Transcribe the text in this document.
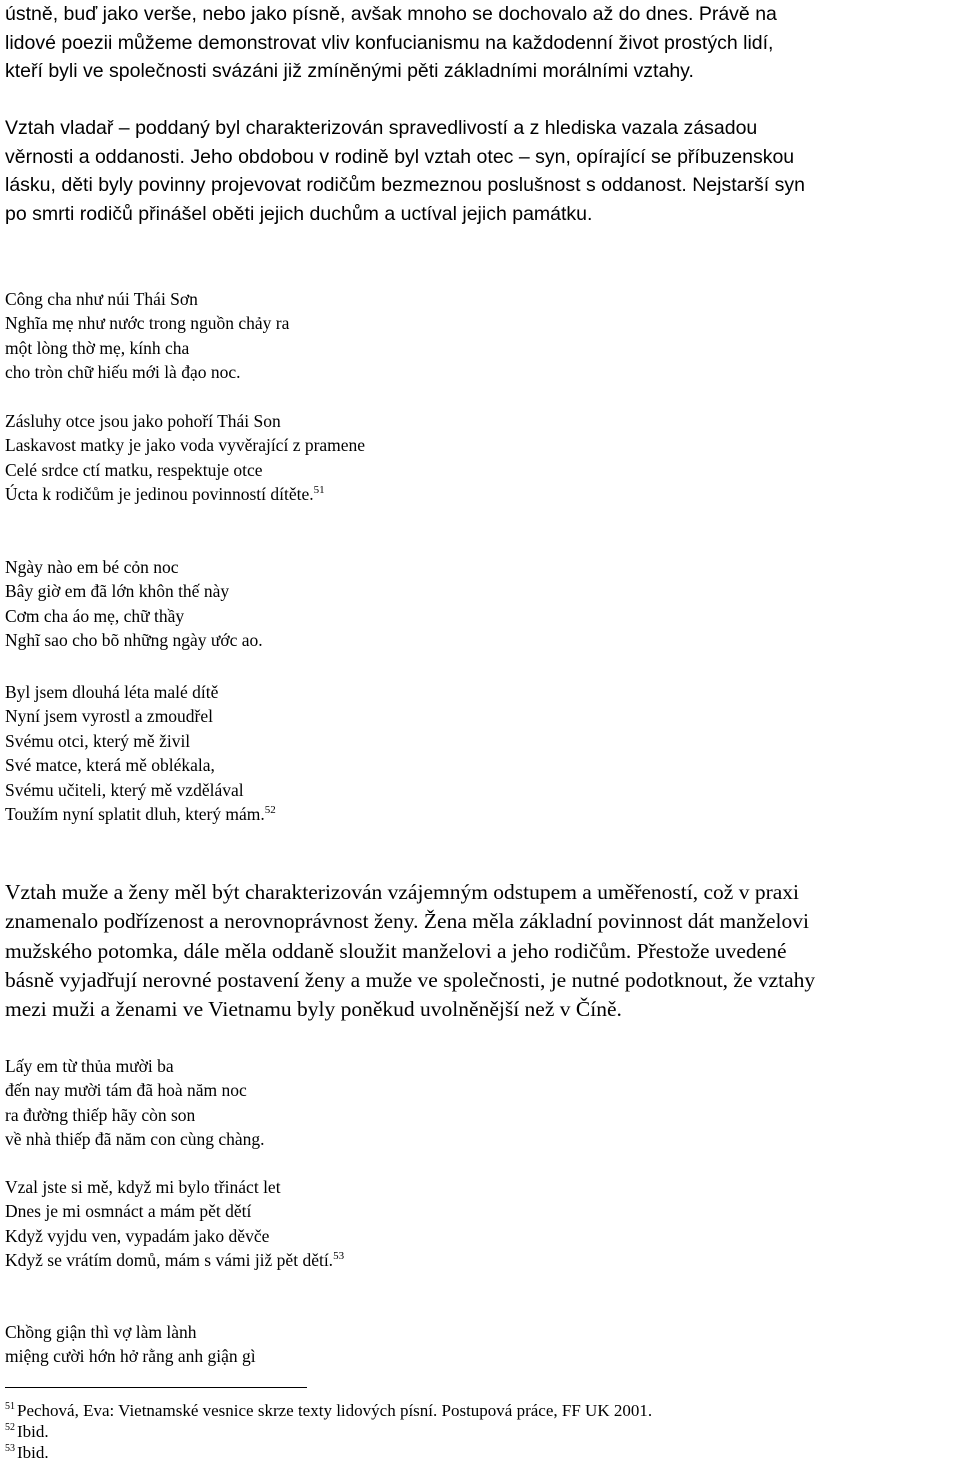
ústně, buď jako verše, nebo jako písně, avšak mnoho se dochovalo až do dnes. Právě na
lidové poezii můžeme demonstrovat vliv konfucianismu na každodenní život prostých lidí,
kteří byli ve společnosti svázáni již zmíněnými pěti základními morálními vztahy.
Vztah vladař – poddaný byl charakterizován spravedlivostí a z hlediska vazala zásadou
věrnosti a oddanosti. Jeho obdobou v rodině byl vztah otec – syn, opírající se příbuzenskou
lásku, děti byly povinny projevovat rodičům bezmeznou poslušnost s oddanost. Nejstarší syn
po smrti rodičů přinášel oběti jejich duchům a uctíval jejich památku.
Công cha như núi Thái Sơn
Nghĩa mẹ như nước trong nguồn chảy ra
một lòng thờ mẹ, kính cha
cho tròn chữ hiếu mới là đạo noc.
Zásluhy otce jsou jako pohoří Thái Son
Laskavost matky je jako voda vyvěrající z pramene
Celé srdce ctí matku, respektuje otce
Úcta k rodičům je jedinou povinností dítěte.$^{51}$
Ngày nào em bé cỏn noc
Bây giờ em đã lớn khôn thế này
Cơm cha áo mẹ, chữ thầy
Nghĩ sao cho bõ những ngày ước ao.
Byl jsem dlouhá léta malé dítě
Nyní jsem vyrostl a zmoudřel
Svému otci, který mě živil
Své matce, která mě oblékala,
Svému učiteli, který mě vzdělával
Toužím nyní splatit dluh, který mám.$^{52}$
Vztah muže a ženy měl být charakterizován vzájemným odstupem a uměřeností, což v praxi
znamenalo podřízenost a nerovnoprávnost ženy. Žena měla základní povinnost dát manželovi
mužského potomka, dále měla oddaně sloužit manželovi a jeho rodičům. Přestože uvedené
básně vyjadřují nerovné postavení ženy a muže ve společnosti, je nutné podotknout, že vztahy
mezi muži a ženami ve Vietnamu byly poněkud uvolněnější než v Číně.
Lấy em từ thủa mười ba
đến nay mười tám đã hoà năm noc
ra đường thiếp hãy còn son
về nhà thiếp đã năm con cùng chàng.
Vzal jste si mě, když mi bylo třináct let
Dnes je mi osmnáct a mám pět dětí
Když vyjdu ven, vypadám jako děvče
Když se vrátím domů, mám s vámi již pět dětí.$^{53}$
Chồng giận thì vợ làm lành
miệng cười hớn hở rằng anh giận gì
$^{51}$ Pechová, Eva: Vietnamské vesnice skrze texty lidových písní. Postupová práce, FF UK 2001.
$^{52}$ Ibid.
$^{53}$ Ibid.
